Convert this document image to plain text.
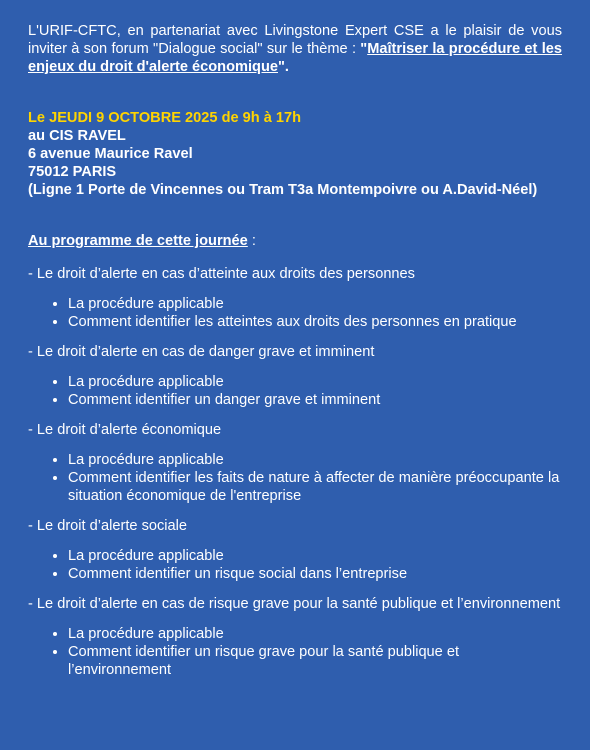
L'URIF-CFTC, en partenariat avec Livingstone Expert CSE a le plaisir de vous inviter à son forum "Dialogue social" sur le thème : "Maîtriser la procédure et les enjeux du droit d'alerte économique".

Le JEUDI 9 OCTOBRE 2025 de 9h à 17h
au CIS RAVEL
6 avenue Maurice Ravel
75012 PARIS
(Ligne 1 Porte de Vincennes ou Tram T3a Montempoivre ou A.David-Néel)
Au programme de cette journée :
- Le droit d’alerte en cas d’atteinte aux droits des personnes
• La procédure applicable
• Comment identifier les atteintes aux droits des personnes en pratique
- Le droit d’alerte en cas de danger grave et imminent
• La procédure applicable
• Comment identifier un danger grave et imminent
- Le droit d’alerte économique
• La procédure applicable
• Comment identifier les faits de nature à affecter de manière préoccupante la situation économique de l'entreprise
- Le droit d’alerte sociale
• La procédure applicable
• Comment identifier un risque social dans l’entreprise
- Le droit d’alerte en cas de risque grave pour la santé publique et l’environnement
• La procédure applicable
• Comment identifier un risque grave pour la santé publique et l’environnement
